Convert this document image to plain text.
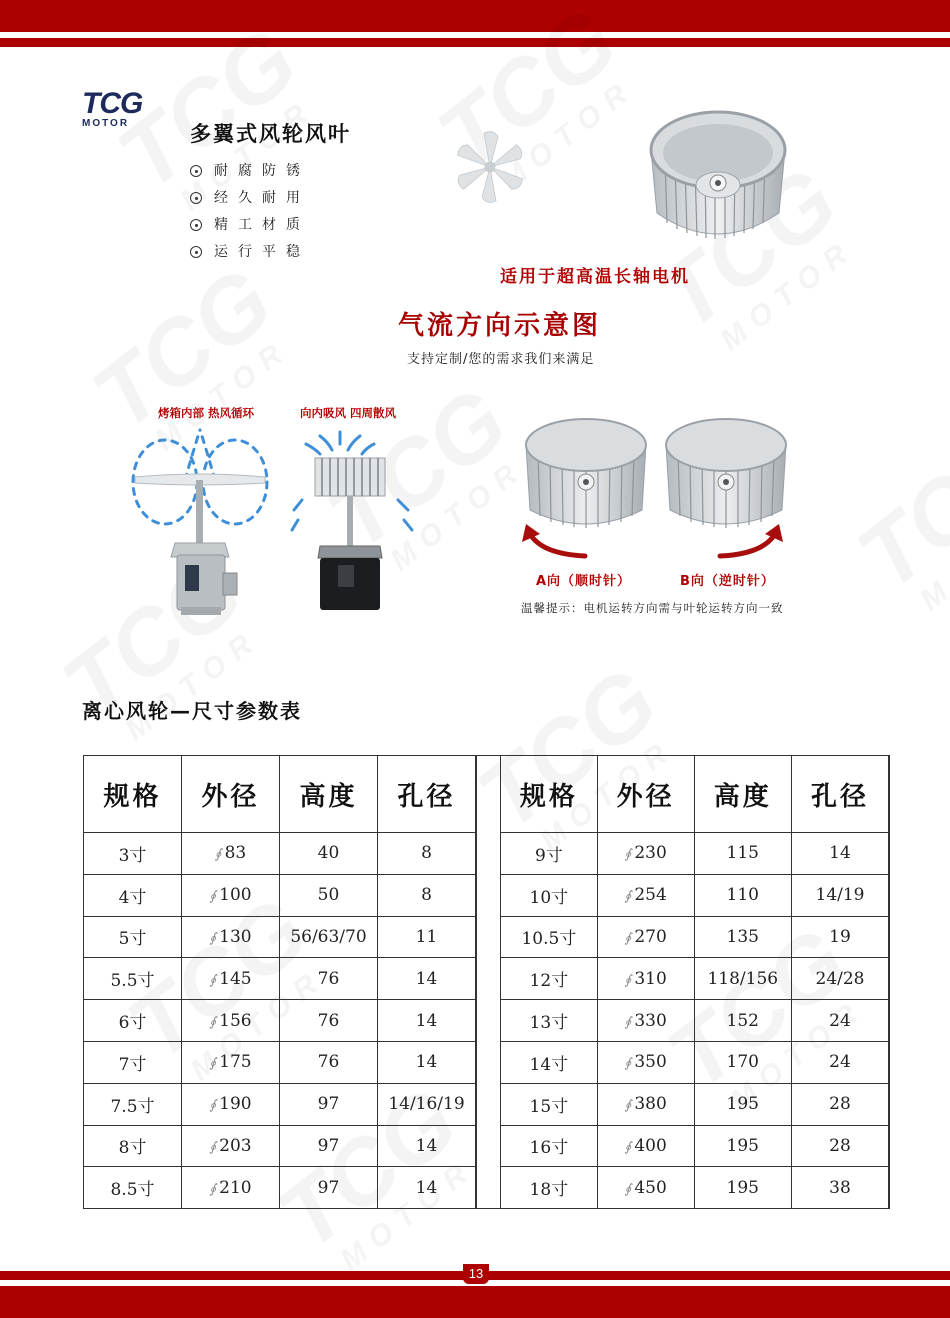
TCG
MOTOR	多翼式风轮风叶
耐腐防锈
经久耐用
精工材质
运行平稳
适用于超高温长轴电机
气流方向示意图
支持定制/您的需求我们来满足
烤箱内部 热风循环	向内吸风 四周散风
A向（顺时针）	B向（逆时针）
温馨提示：电机运转方向需与叶轮运转方向一致
离心风轮—尺寸参数表
规格	外径	高度	孔径
3寸	∮ 83	40	8
4寸	∮ 100	50	8
5寸	∮ 130	56/63/70	11
5.5寸	∮ 145	76	14
6寸	∮ 156	76	14
7寸	∮ 175	76	14
7.5寸	∮ 190	97	14/16/19
8寸	∮ 203	97	14
8.5寸	∮ 210	97	14
规格	外径	高度	孔径
9寸	∮ 230	115	14
10寸	∮ 254	110	14/19
10.5寸	∮ 270	135	19
12寸	∮ 310	118/156	24/28
13寸	∮ 330	152	24
14寸	∮ 350	170	24
15寸	∮ 380	195	28
16寸	∮ 400	195	28
18寸	∮ 450	195	38
13
